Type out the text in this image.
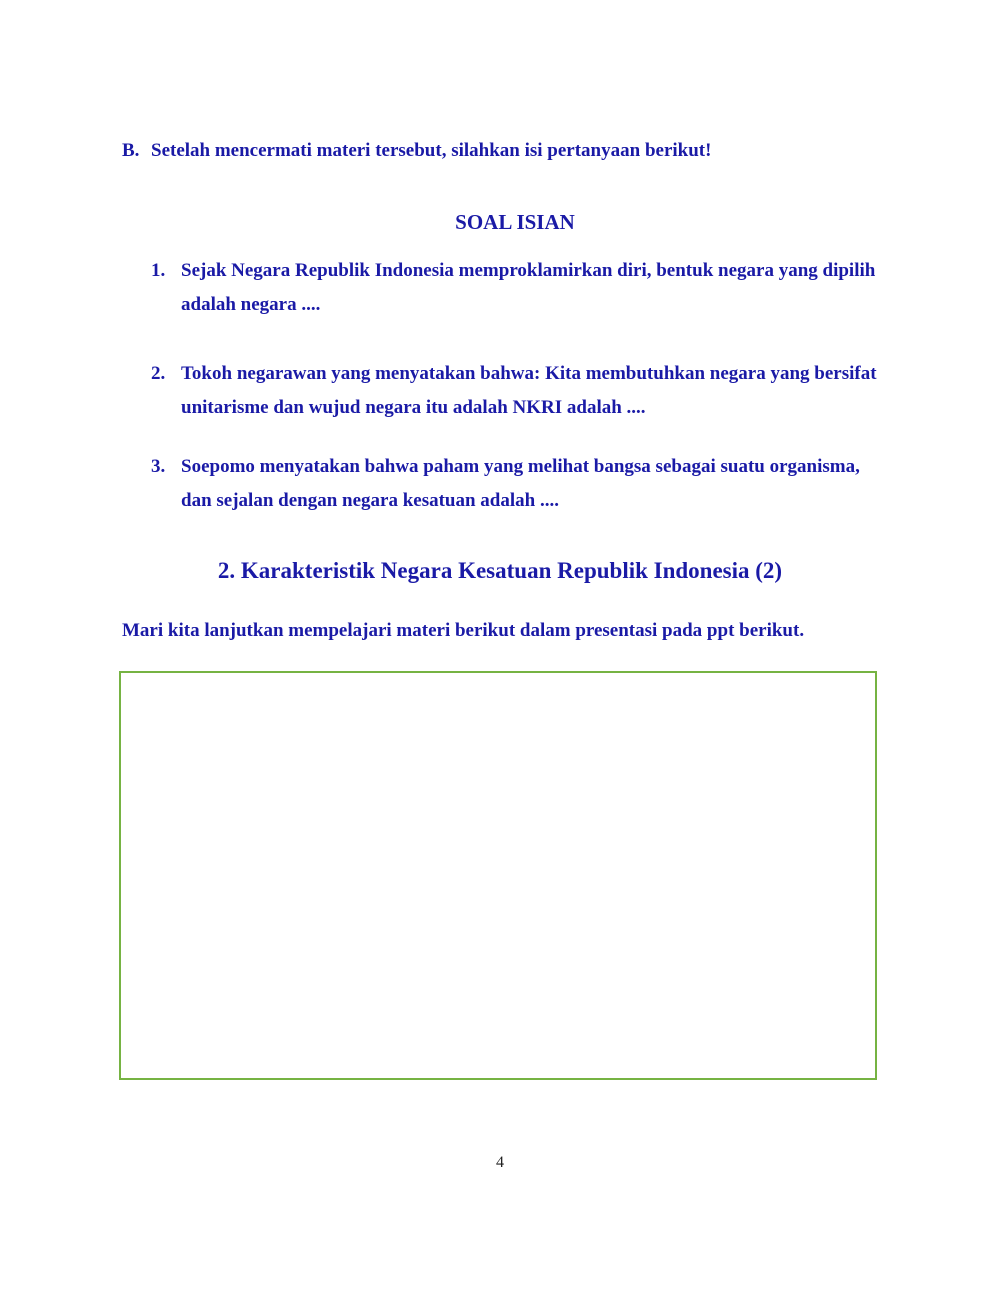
B. Setelah mencermati materi tersebut, silahkan isi pertanyaan berikut!
SOAL ISIAN
1. Sejak Negara Republik Indonesia memproklamirkan diri, bentuk negara yang dipilih adalah negara ....
2. Tokoh negarawan yang menyatakan bahwa: Kita membutuhkan negara yang bersifat unitarisme dan wujud negara itu adalah NKRI adalah ....
3. Soepomo menyatakan bahwa paham yang melihat bangsa sebagai suatu organisma, dan sejalan dengan negara kesatuan adalah ....
2. Karakteristik Negara Kesatuan Republik Indonesia (2)
Mari kita lanjutkan mempelajari materi berikut dalam presentasi pada ppt berikut.
4
